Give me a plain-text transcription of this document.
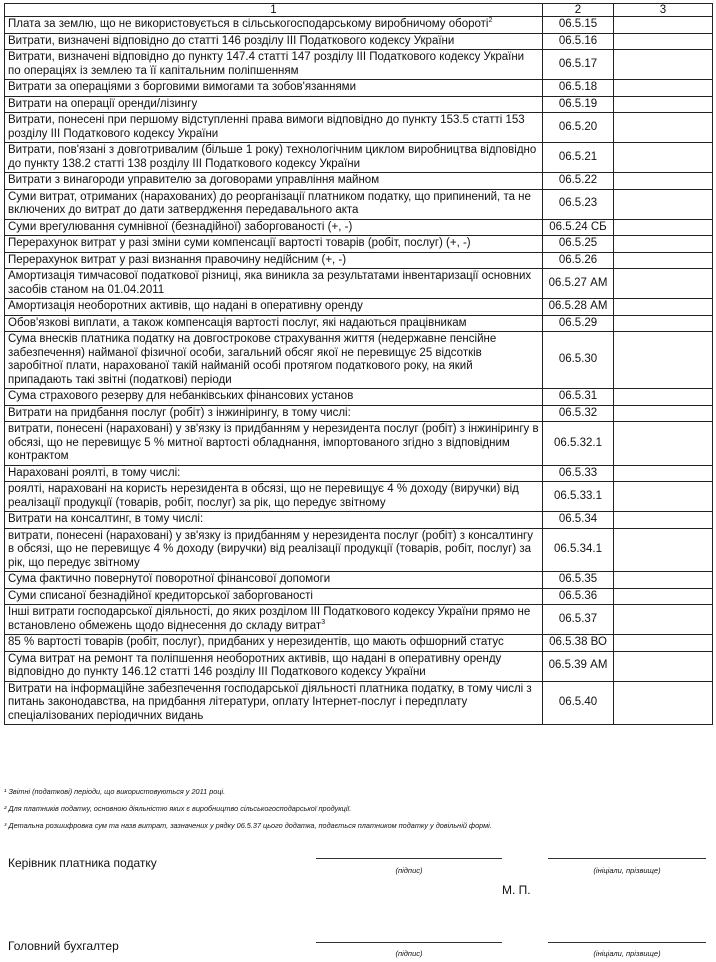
1	2	3
Плата за землю, що не використовується в сільськогосподарському виробничому обороті$^2$	06.5.15	
Витрати, визначені відповідно до статті 146 розділу III Податкового кодексу України	06.5.16	
Витрати, визначені відповідно до пункту 147.4 статті 147 розділу III Податкового кодексу України по операціях із землею та її капітальним поліпшенням	06.5.17	
Витрати за операціями з борговими вимогами та зобов'язаннями	06.5.18	
Витрати на операції оренди/лізингу	06.5.19	
Витрати, понесені при першому відступленні права вимоги відповідно до пункту 153.5 статті 153 розділу III Податкового кодексу України	06.5.20	
Витрати, пов'язані з довготривалим (більше 1 року) технологічним циклом виробництва відповідно до пункту 138.2 статті 138 розділу III Податкового кодексу України	06.5.21	
Витрати з винагороди управителю за договорами управління майном	06.5.22	
Суми витрат, отриманих (нарахованих) до реорганізації платником податку, що припинений, та не включених до витрат до дати затвердження передавального акта	06.5.23	
Суми врегулювання сумнівної (безнадійної) заборгованості (+, -)	06.5.24 СБ	
Перерахунок витрат у разі зміни суми компенсації вартості товарів (робіт, послуг) (+, -)	06.5.25	
Перерахунок витрат у разі визнання правочину недійсним (+, -)	06.5.26	
Амортизація тимчасової податкової різниці, яка виникла за результатами інвентаризації основних засобів станом на 01.04.2011	06.5.27 АМ	
Амортизація необоротних активів, що надані в оперативну оренду	06.5.28 АМ	
Обов'язкові виплати, а також компенсація вартості послуг, які надаються працівникам	06.5.29	
Сума внесків платника податку на довгострокове страхування життя (недержавне пенсійне забезпечення) найманої фізичної особи, загальний обсяг якої не перевищує 25 відсотків заробітної плати, нарахованої такій найманій особі протягом податкового року, на який припадають такі звітні (податкові) періоди	06.5.30	
Сума страхового резерву для небанківських фінансових установ	06.5.31	
Витрати на придбання послуг (робіт) з інжинірингу, в тому числі:	06.5.32	
витрати, понесені (нараховані) у зв'язку із придбанням у нерезидента послуг (робіт) з інжинірингу в обсязі, що не перевищує 5 % митної вартості обладнання, імпортованого згідно з відповідним контрактом	06.5.32.1	
Нараховані роялті, в тому числі:	06.5.33	
роялті, нараховані на користь нерезидента в обсязі, що не перевищує 4 % доходу (виручки) від реалізації продукції (товарів, робіт, послуг) за рік, що передує звітному	06.5.33.1	
Витрати на консалтинг, в тому числі:	06.5.34	
витрати, понесені (нараховані) у зв'язку із придбанням у нерезидента послуг (робіт) з консалтингу в обсязі, що не перевищує 4 % доходу (виручки) від реалізації продукції (товарів, робіт, послуг) за рік, що передує звітному	06.5.34.1	
Сума фактично повернутої поворотної фінансової допомоги	06.5.35	
Суми списаної безнадійної кредиторської заборгованості	06.5.36	
Інші витрати господарської діяльності, до яких розділом III Податкового кодексу України прямо не встановлено обмежень щодо віднесення до складу витрат$^3$	06.5.37	
85 % вартості товарів (робіт, послуг), придбаних у нерезидентів, що мають офшорний статус	06.5.38 ВО	
Сума витрат на ремонт та поліпшення необоротних активів, що надані в оперативну оренду відповідно до пункту 146.12 статті 146 розділу III Податкового кодексу України	06.5.39 АМ	
Витрати на інформаційне забезпечення господарської діяльності платника податку, в тому числі з питань законодавства, на придбання літератури, оплату Інтернет-послуг і передплату спеціалізованих періодичних видань	06.5.40	
¹ Звітні (податкові) періоди, що використовуються у 2011 році.
² Для платників податку, основною діяльністю яких є виробництво сільськогосподарської продукції.
³ Детальна розшифровка сум та назв витрат, зазначених у рядку 06.5.37 цього додатка, подається платником податку у довільній формі.
Керівник платника податку
(підпис)	(ініціали, прізвище)
М. П.
Головний бухгалтер
(підпис)	(ініціали, прізвище)
